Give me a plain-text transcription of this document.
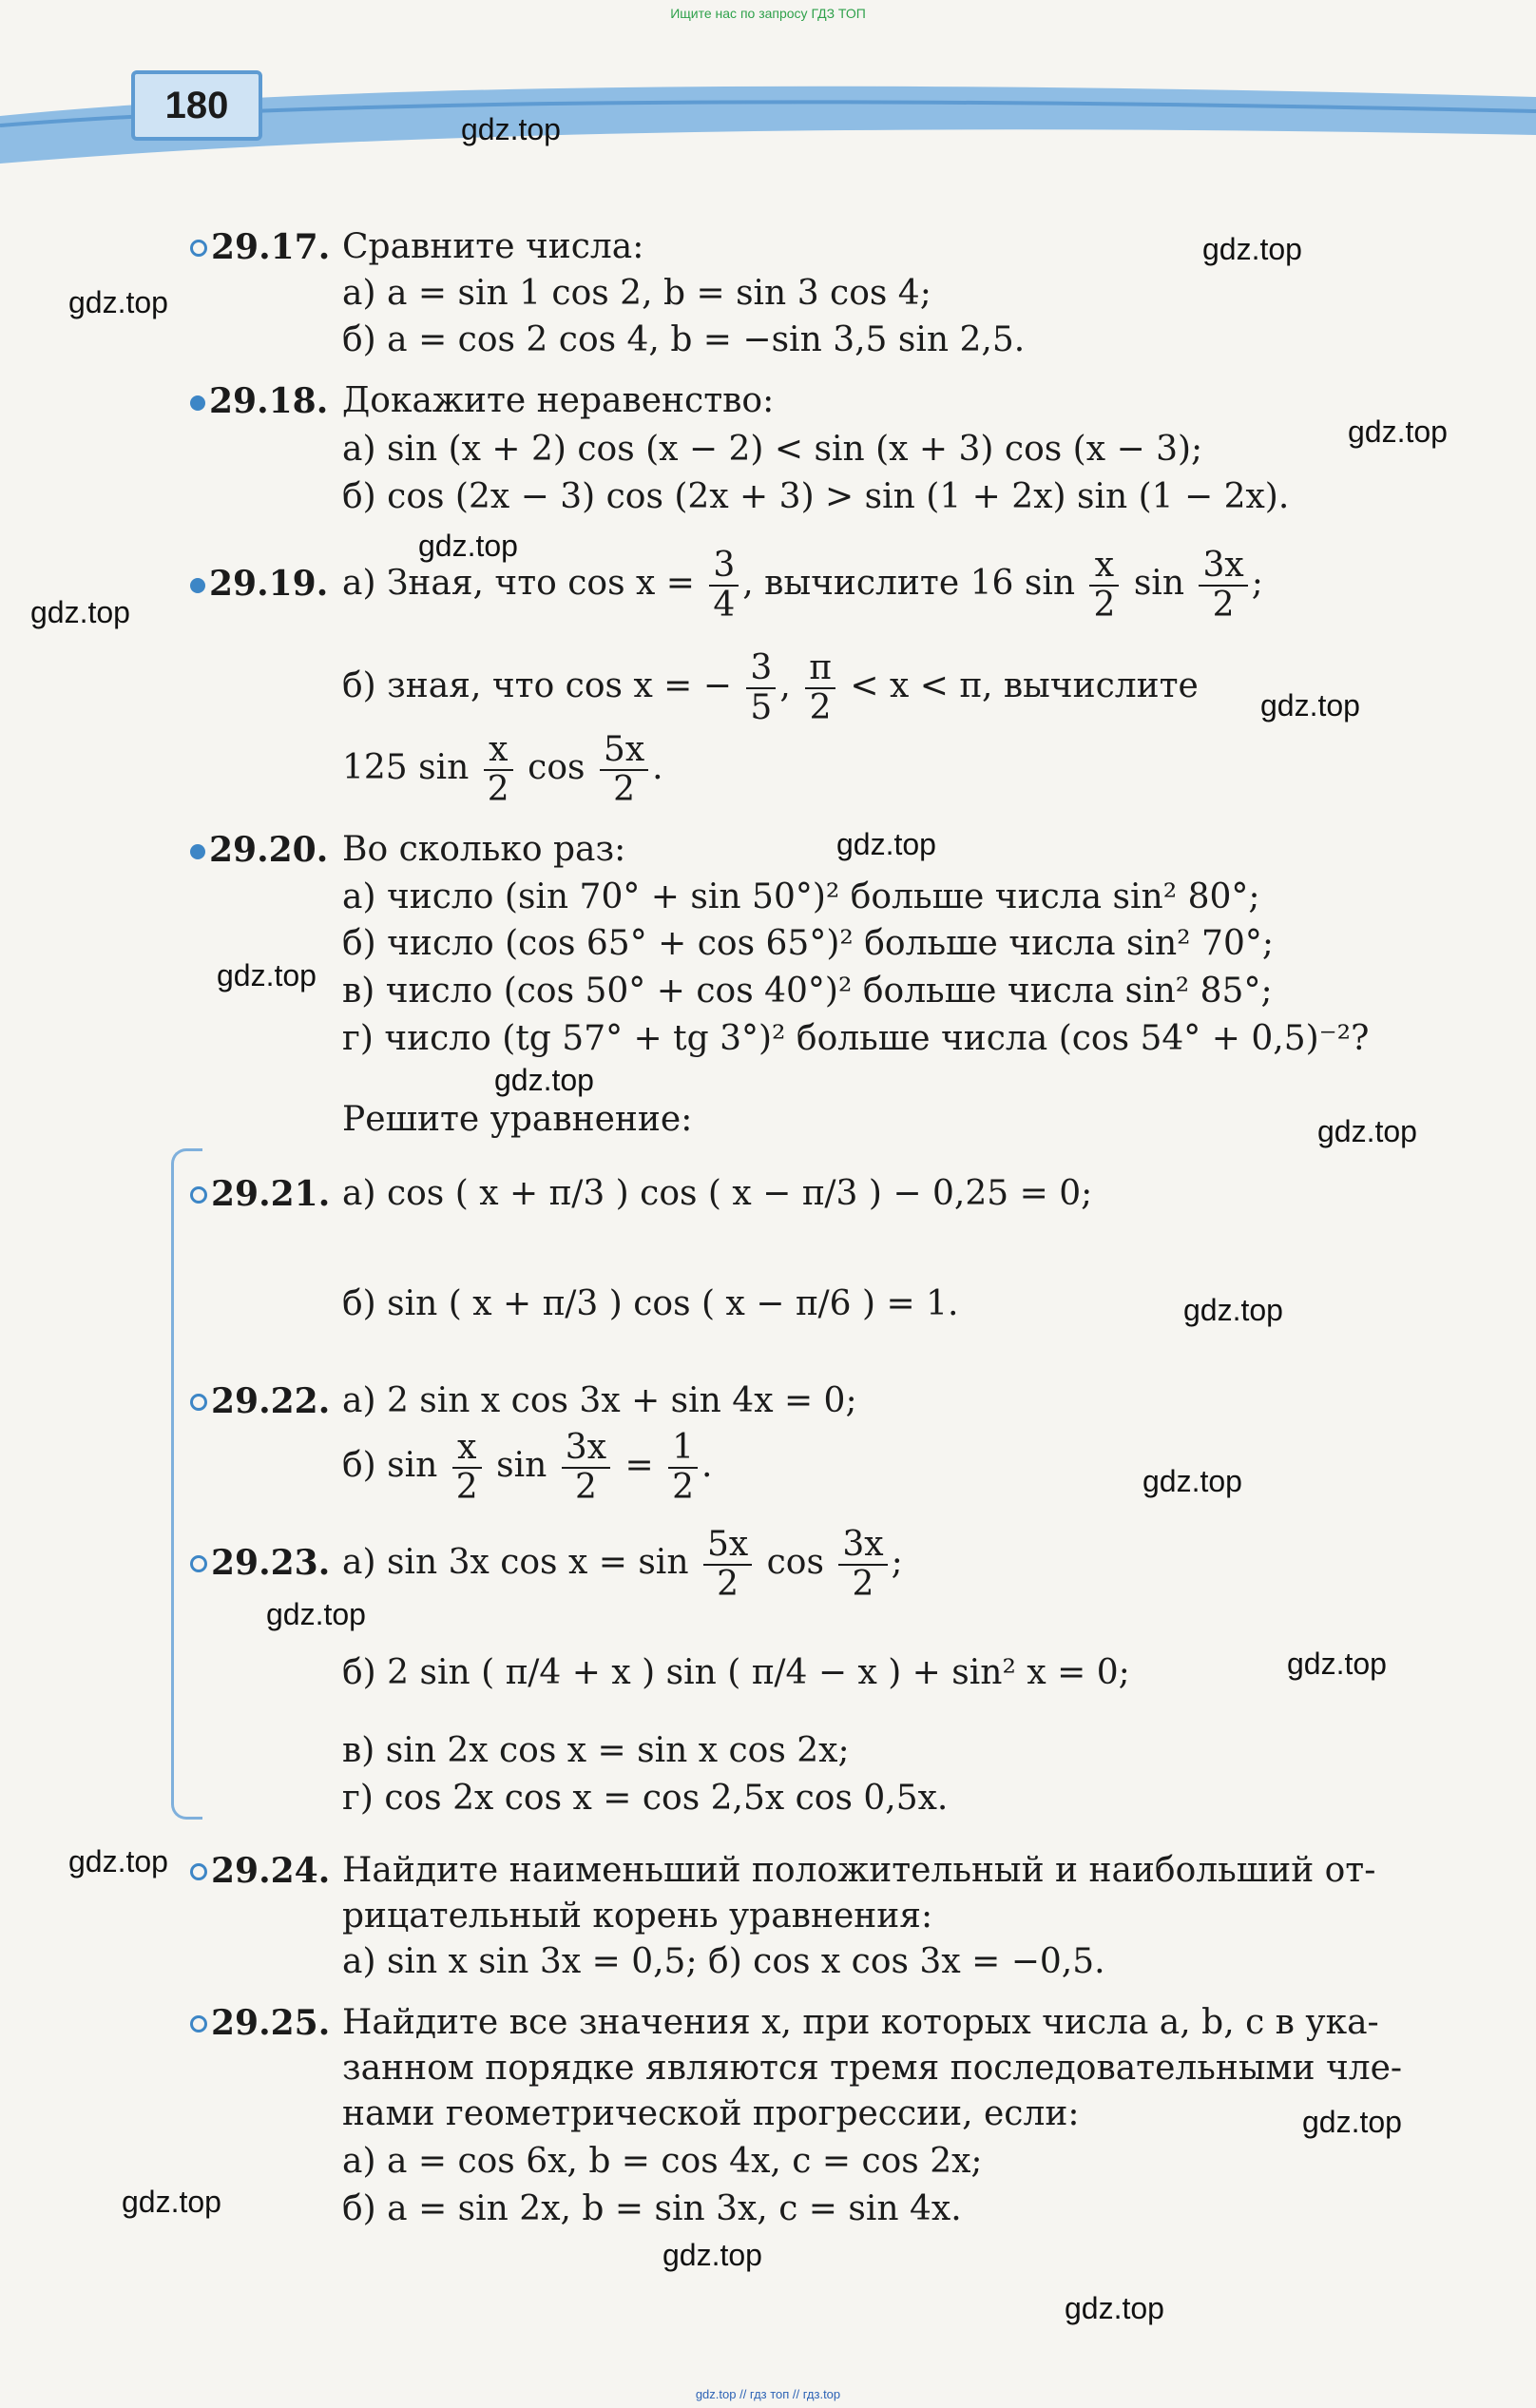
Ищите нас по запросу ГДЗ ТОП
180

gdz.top
gdz.top
gdz.top
gdz.top
gdz.top
gdz.top
gdz.top
gdz.top
gdz.top
gdz.top
gdz.top
gdz.top
gdz.top
gdz.top
gdz.top
gdz.top
gdz.top
gdz.top
gdz.top
gdz.top
29.17. Сравните числа:
а) a = sin 1 cos 2, b = sin 3 cos 4;
б) a = cos 2 cos 4, b = −sin 3,5 sin 2,5.
29.18. Докажите неравенство:
а) sin (x + 2) cos (x − 2) < sin (x + 3) cos (x − 3);
б) cos (2x − 3) cos (2x + 3) > sin (1 + 2x) sin (1 − 2x).
29.19. а) Зная, что $\cos x = \frac{3}{4}$ , вычислите 16 $\sin \frac{x}{2}$ $\sin \frac{3x}{2}$ ;
б) зная, что cos x = − $\frac{3}{5}$ , $\frac{\pi}{2} < x < \pi$, вычислите
125 $\sin \frac{x}{2}$ $\cos \frac{5x}{2}$ .
29.20. Во сколько раз:
а) число (sin 70° + sin 50°)² больше числа sin² 80°;
б) число (cos 65° + cos 65°)² больше числа sin² 70°;
в) число (cos 50° + cos 40°)² больше числа sin² 85°;
г) число (tg 57° + tg 3°)² больше числа (cos 54° + 0,5)⁻²?
Решите уравнение:
29.21. а) cos ( x + π/3 ) cos ( x − π/3 ) − 0,25 = 0;
б) sin ( x + π/3 ) cos ( x − π/6 ) = 1.
29.22. а) 2 sin x cos 3x + sin 4x = 0;
б) $\sin \frac{x}{2}$ $\sin \frac{3x}{2} = \frac{1}{2}$ .
29.23. а) sin 3x $\cos x = \sin \frac{5x}{2}$ $\cos \frac{3x}{2}$ ;
б) 2 sin ( π/4 + x ) sin ( π/4 − x ) + sin² x = 0;
в) sin 2x cos x = sin x cos 2x;
г) cos 2x cos x = cos 2,5x cos 0,5x.
29.24. Найдите наименьший положительный и наибольший от-
рицательный корень уравнения:
а) sin x sin 3x = 0,5; б) cos x cos 3x = −0,5.
29.25. Найдите все значения x, при которых числа a, b, c в ука-
занном порядке являются тремя последовательными чле-
нами геометрической прогрессии, если:
а) a = cos 6x, b = cos 4x, c = cos 2x;
б) a = sin 2x, b = sin 3x, c = sin 4x.
gdz.top // гдз топ // гдз.top
